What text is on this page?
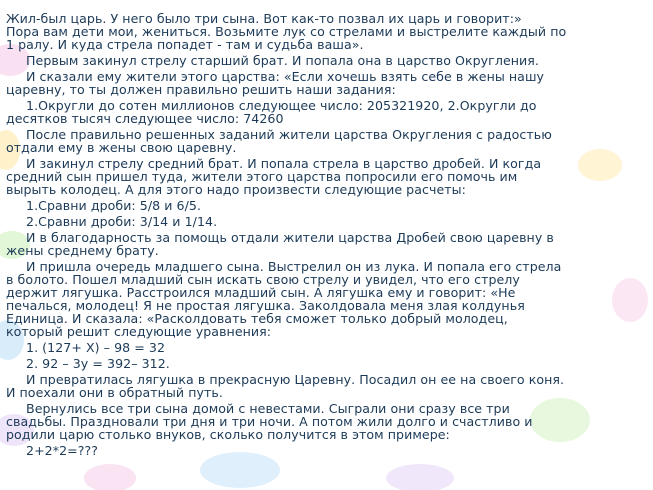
Жил-был царь. У него было три сына. Вот как-то позвал их царь и говорит:»
Пора вам дети мои, жениться. Возьмите лук со стрелами и выстрелите каждый по
1 ралу. И куда стрела попадет - там и судьба ваша».
Первым закинул стрелу старший брат. И попала она в царство Округления.
И сказали ему жители этого царства: «Если хочешь взять себе в жены нашу
царевну, то ты должен правильно решить наши задания:
1.Округли до сотен миллионов следующее число: 205321920, 2.Округли до
десятков тысяч следующее число: 74260
После правильно решенных заданий жители царства Округления с радостью
отдали ему в жены свою царевну.
И закинул стрелу средний брат. И попала стрела в царство дробей. И когда
средний сын пришел туда, жители этого царства попросили его помочь им
вырыть колодец. А для этого надо произвести следующие расчеты:
1.Сравни дроби: 5/8 и 6/5.
2.Сравни дроби: 3/14 и 1/14.
И в благодарность за помощь отдали жители царства Дробей свою царевну в
жены среднему брату.
И пришла очередь младшего сына. Выстрелил он из лука. И попала его стрела
в болото. Пошел младший сын искать свою стрелу и увидел, что его стрелу
держит лягушка. Расстроился младший сын. А лягушка ему и говорит: «Не
печалься, молодец! Я не простая лягушка. Заколдовала меня злая колдунья
Единица. И сказала: «Расколдовать тебя сможет только добрый молодец,
который решит следующие уравнения:
1. (127+ Х) – 98 = 32
2. 92 – 3у = 392– 312.
И превратилась лягушка в прекрасную Царевну. Посадил он ее на своего коня.
И поехали они в обратный путь.
Вернулись все три сына домой с невестами. Сыграли они сразу все три
свадьбы. Праздновали три дня и три ночи. А потом жили долго и счастливо и
родили царю столько внуков, сколько получится в этом примере:
2+2*2=???
